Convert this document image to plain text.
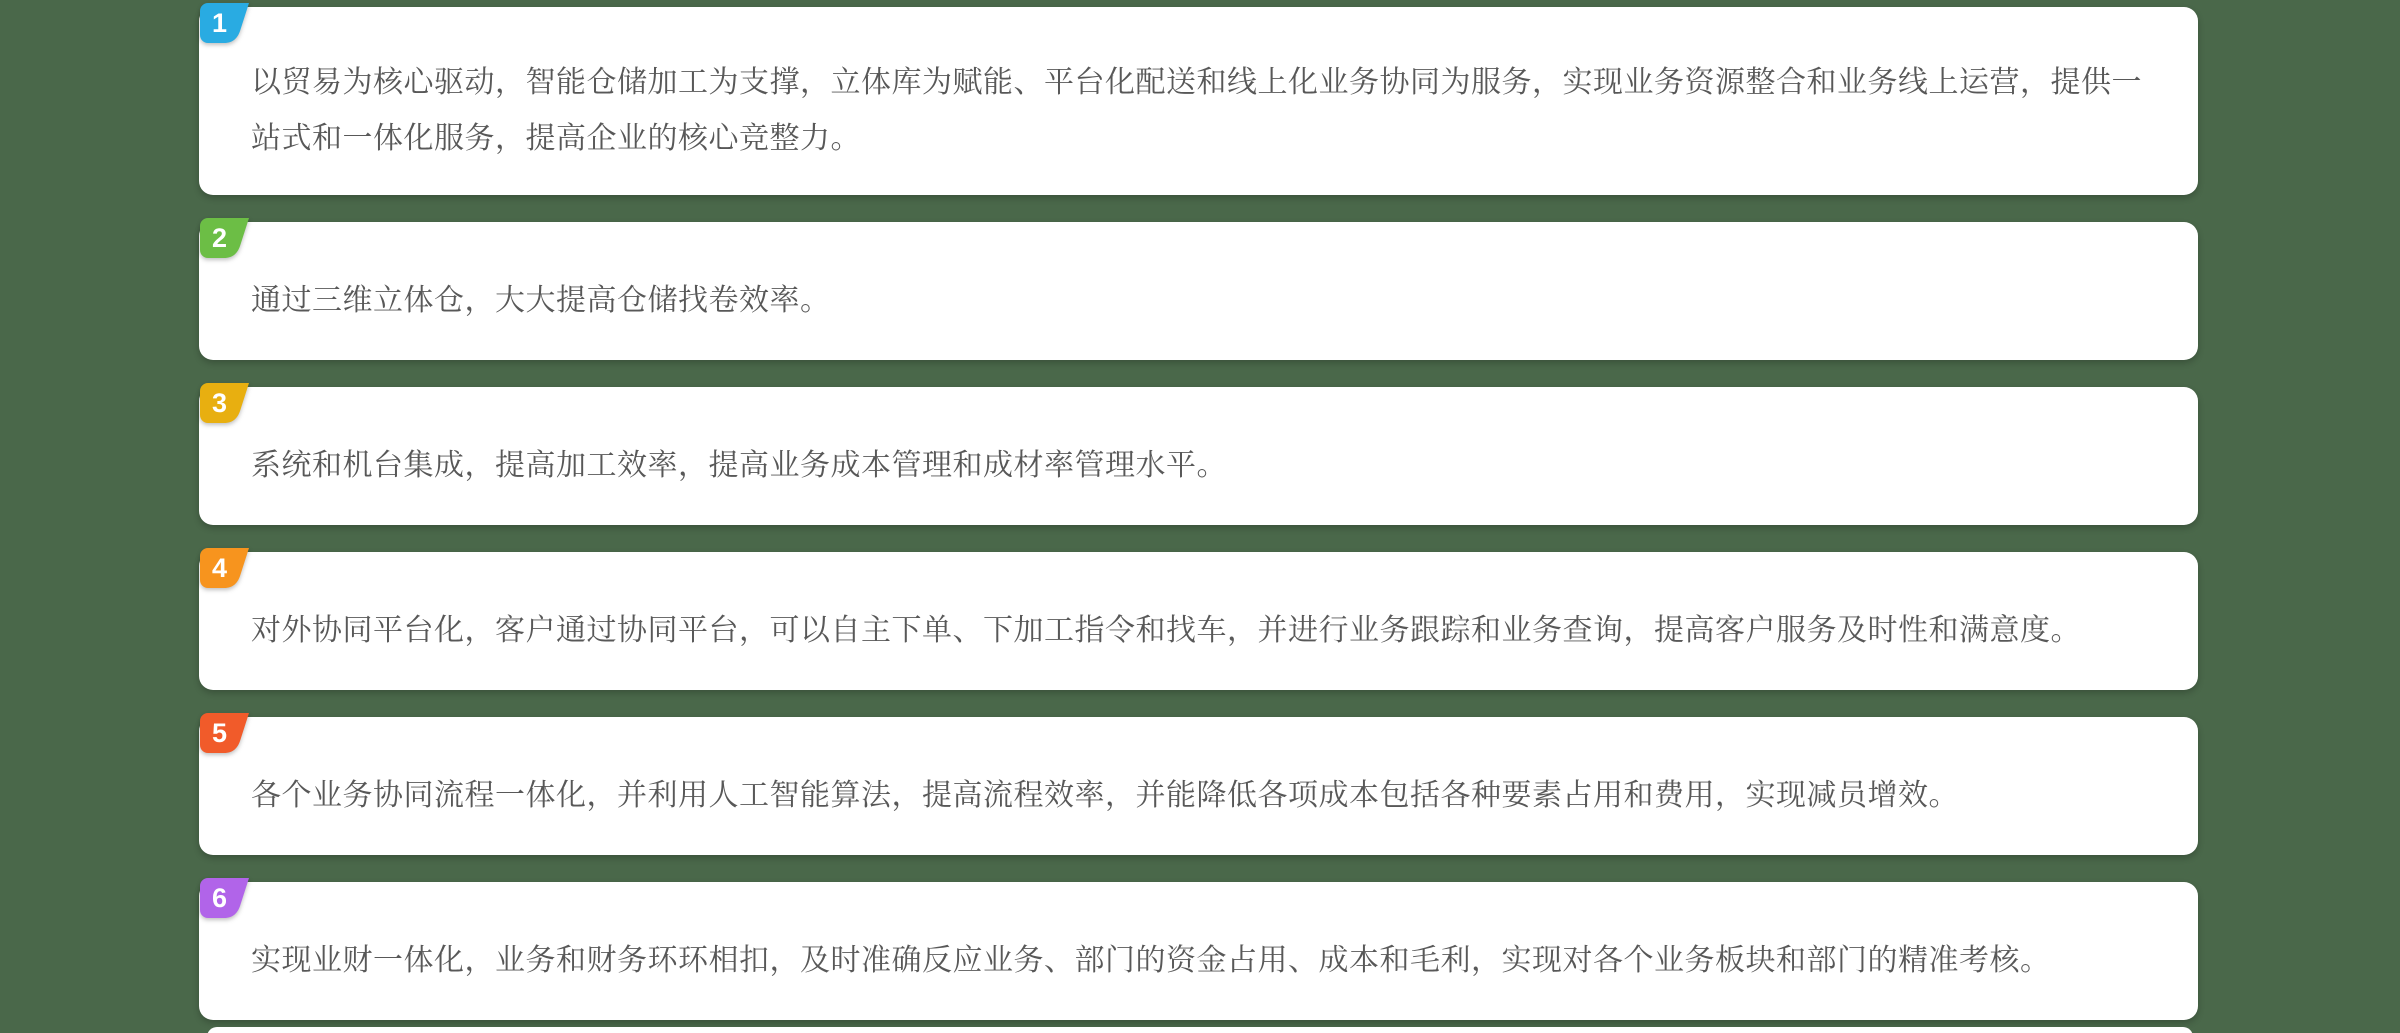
1

以贸易为核心驱动，智能仓储加工为支撑，立体库为赋能、平台化配送和线上化业务协同为服务，实现业务资源整合和业务线上运营，提供一站式和一体化服务，提高企业的核心竞整力。

2

通过三维立体仓，大大提高仓储找卷效率。

3

系统和机台集成，提高加工效率，提高业务成本管理和成材率管理水平。

4

对外协同平台化，客户通过协同平台，可以自主下单、下加工指令和找车，并进行业务跟踪和业务查询，提高客户服务及时性和满意度。

5

各个业务协同流程一体化，并利用人工智能算法，提高流程效率，并能降低各项成本包括各种要素占用和费用，实现减员增效。

6

实现业财一体化，业务和财务环环相扣，及时准确反应业务、部门的资金占用、成本和毛利，实现对各个业务板块和部门的精准考核。
